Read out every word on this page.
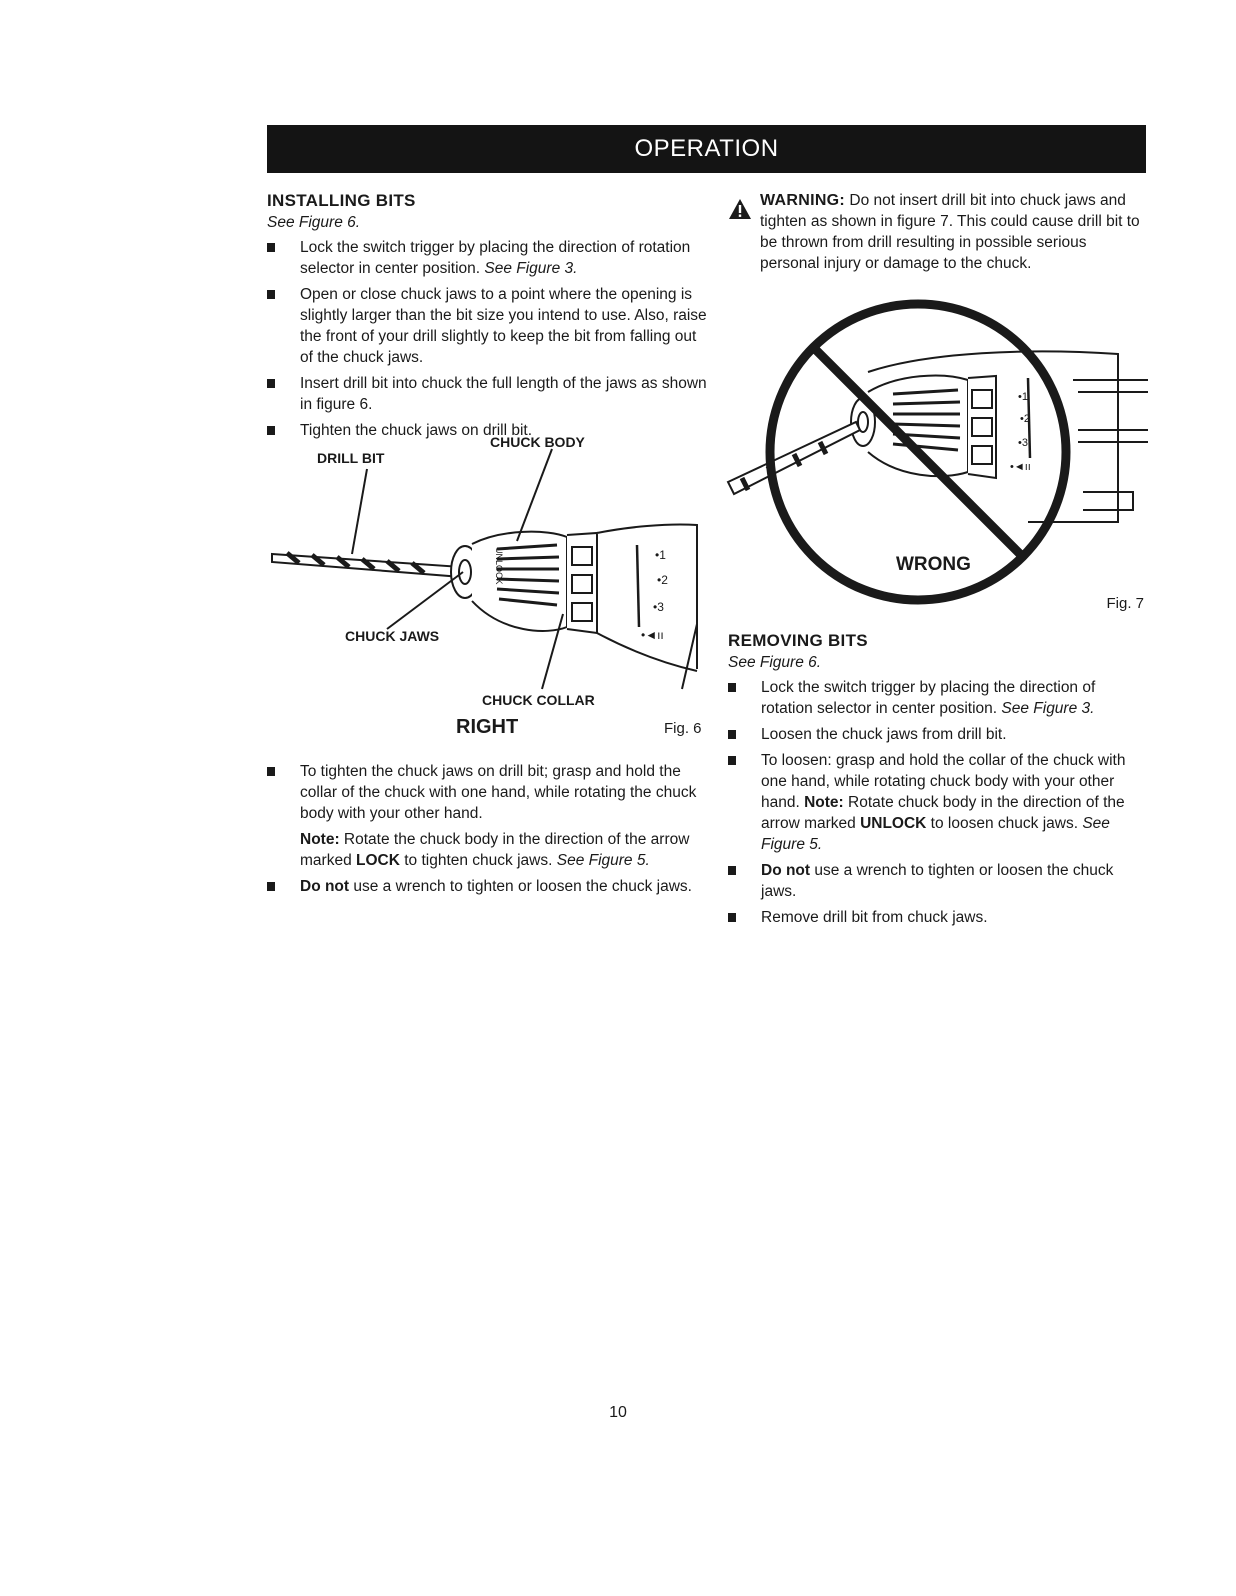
OPERATION
INSTALLING BITS

See Figure 6.

Lock the switch trigger by placing the direction of rotation selector in center position. See Figure 3.
Open or close chuck jaws to a point where the opening is slightly larger than the bit size you intend to use. Also, raise the front of your drill slightly to keep the bit from falling out of the chuck jaws.
Insert drill bit into chuck the full length of the jaws as shown in figure 6.
Tighten the chuck jaws on drill bit.
UNLOCK	•1
•2
•3
•◄ıı
DRILL BIT
CHUCK BODY
CHUCK JAWS
CHUCK COLLAR
RIGHT	Fig. 6
To tighten the chuck jaws on drill bit; grasp and hold the collar of the chuck with one hand, while rotating the chuck body with your other hand.

Note: Rotate the chuck body in the direction of the arrow marked LOCK to tighten chuck jaws. See Figure 5.

Do not use a wrench to tighten or loosen the chuck jaws.
WARNING: Do not insert drill bit into chuck jaws and tighten as shown in figure 7. This could cause drill bit to be thrown from drill resulting in possible serious personal injury or damage to the chuck.
•1
•2
•3
•◄ıı
WRONG
Fig. 7
REMOVING BITS

See Figure 6.

Lock the switch trigger by placing the direction of rotation selector in center position. See Figure 3.
Loosen the chuck jaws from drill bit.
To loosen: grasp and hold the collar of the chuck with one hand, while rotating chuck body with your other hand. Note: Rotate chuck body in the direction of the arrow marked UNLOCK to loosen chuck jaws. See Figure 5.
Do not use a wrench to tighten or loosen the chuck jaws.
Remove drill bit from chuck jaws.
10
